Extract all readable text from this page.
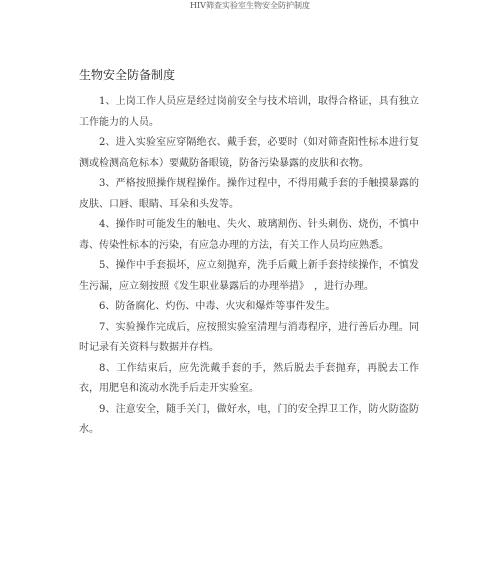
HIV筛查实验室生物安全防护制度
生物安全防备制度

1、上岗工作人员应是经过岗前安全与技术培训，取得合格证，具有独立工作能力的人员。

2、进入实验室应穿隔绝衣、戴手套，必要时（如对筛查阳性标本进行复测或检测高危标本）要戴防备眼镜，防备污染暴露的皮肤和衣物。

3、严格按照操作规程操作。操作过程中，不得用戴手套的手触摸暴露的皮肤、口唇、眼睛、耳朵和头发等。

4、操作时可能发生的触电、失火、玻璃割伤、针头刺伤、烧伤，不慎中毒、传染性标本的污染，有应急办理的方法，有关工作人员均应熟悉。

5、操作中手套损坏，应立刻抛弃，洗手后戴上新手套持续操作，不慎发生污漏，应立刻按照《发生职业暴露后的办理举措》　，进行办理。

6、防备腐化、灼伤、中毒、火灾和爆炸等事件发生。

7、实验操作完成后，应按照实验室清理与消毒程序，进行善后办理。同时记录有关资料与数据并存档。

8、工作结束后，应先洗戴手套的手，然后脱去手套抛弃，再脱去工作衣，用肥皂和流动水洗手后走开实验室。

9、注意安全，随手关门，做好水，电，门的安全捍卫工作，防火防盗防水。
